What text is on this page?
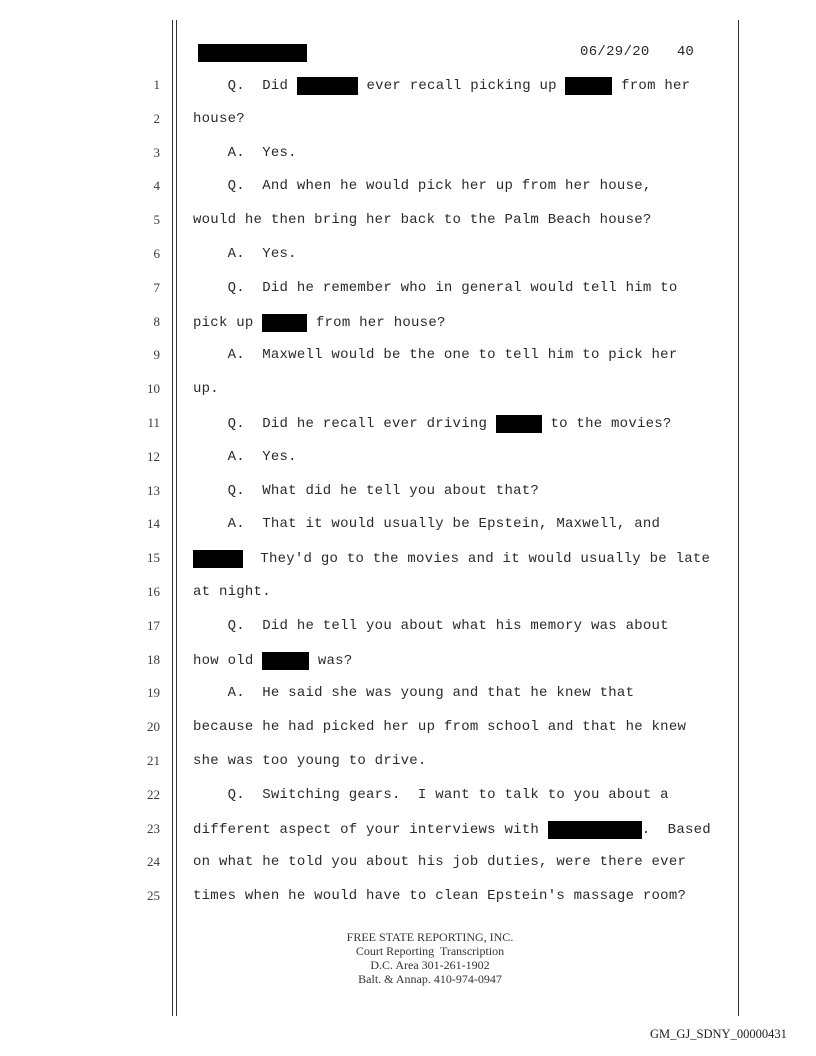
06/29/20 40
1 Q.  Did	ever recall picking up	from her
2 house?
3 A.  Yes.
4 Q.  And when he would pick her up from her house,
5 would he then bring her back to the Palm Beach house?
6 A.  Yes.
7 Q.  Did he remember who in general would tell him to
8 pick up	from her house?
9 A.  Maxwell would be the one to tell him to pick her
10 up.
11 Q.  Did he recall ever driving	to the movies?
12 A.  Yes.
13 Q.  What did he tell you about that?
14 A.  That it would usually be Epstein, Maxwell, and
15	They'd go to the movies and it would usually be late
16 at night.
17 Q.  Did he tell you about what his memory was about
18 how old	was?
19 A.  He said she was young and that he knew that
20 because he had picked her up from school and that he knew
21 she was too young to drive.
22 Q.  Switching gears.  I want to talk to you about a
23 different aspect of your interviews with	.  Based
24 on what he told you about his job duties, were there ever
25 times when he would have to clean Epstein's massage room?
FREE STATE REPORTING, INC.
Court Reporting  Transcription
D.C. Area 301-261-1902
Balt. & Annap. 410-974-0947
GM_GJ_SDNY_00000431
